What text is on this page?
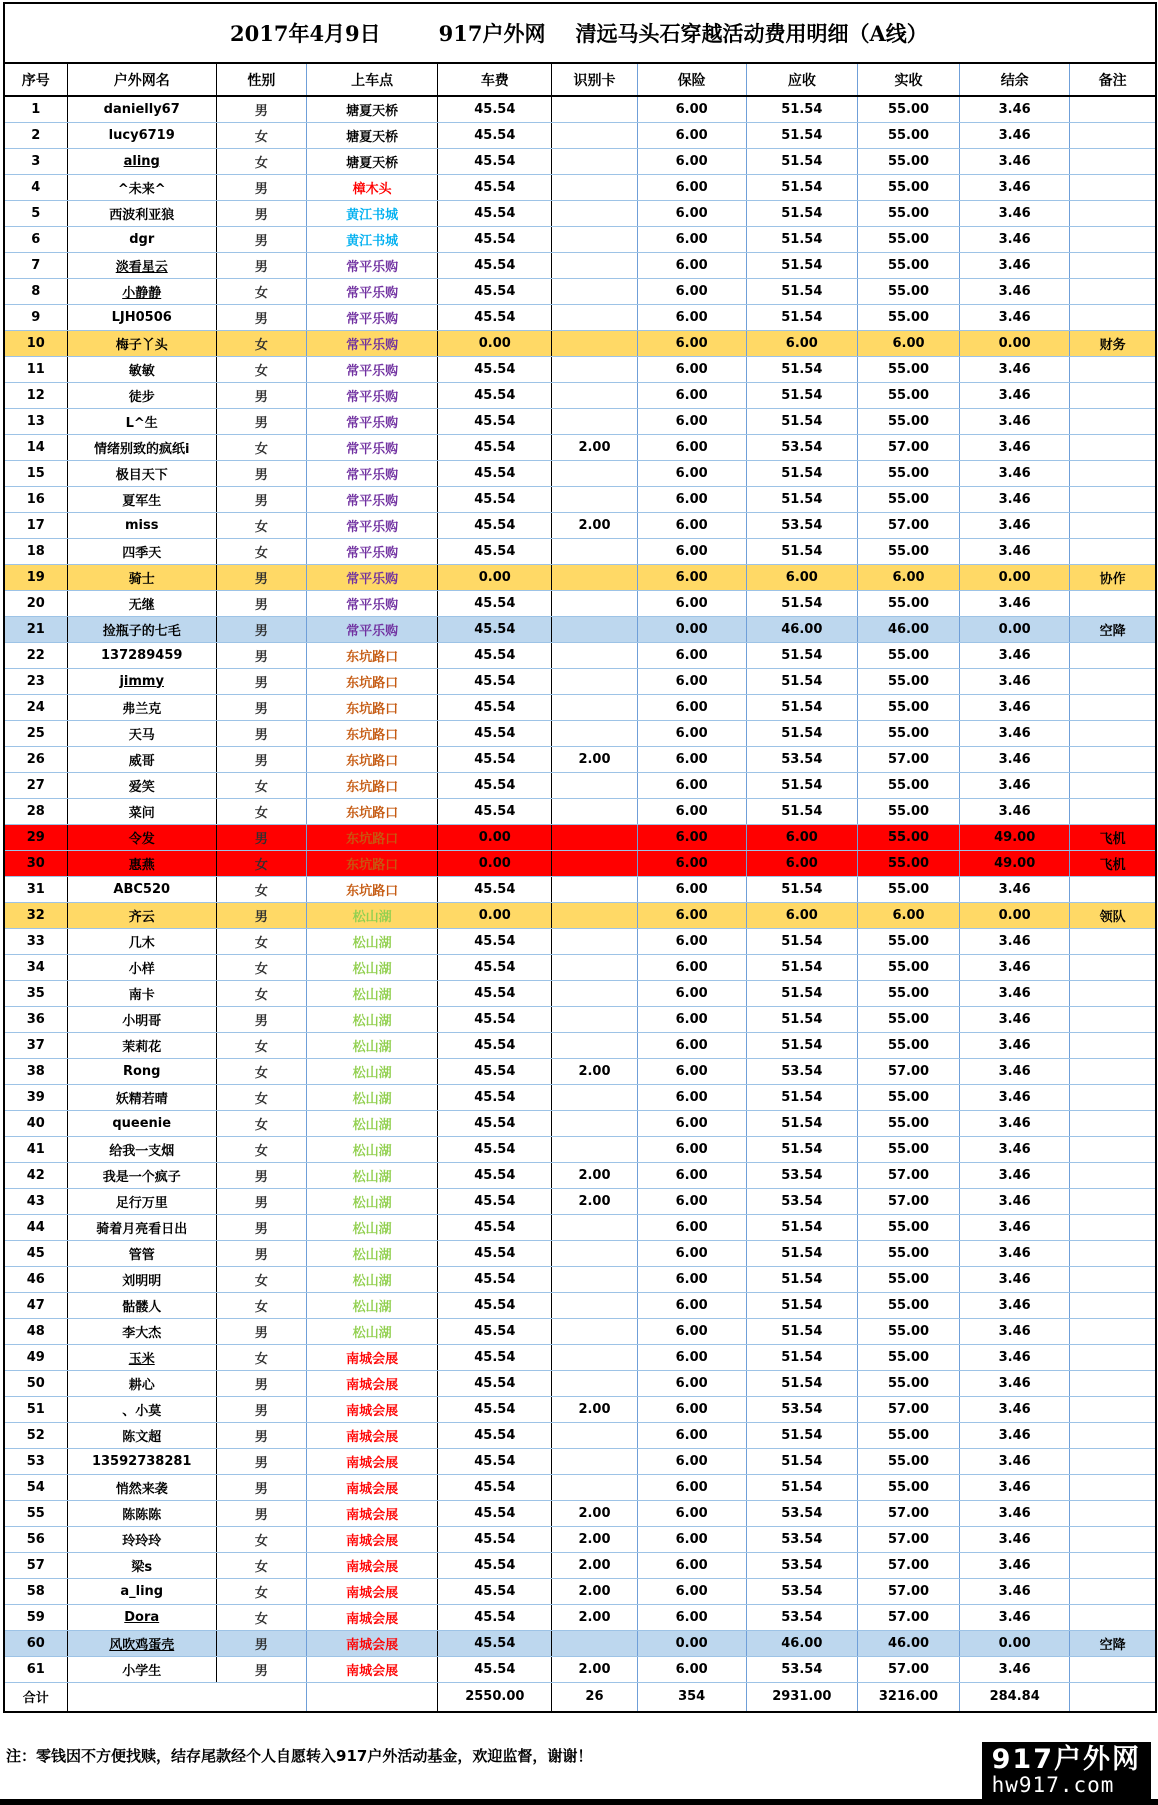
2017年4月9日	917户外网 清远马头石穿越活动费用明细（A线）
序号	户外网名	性别	上车点	车费	识别卡	保险	应收	实收	结余	备注
1	danielly67	男	塘夏天桥	45.54		6.00	51.54	55.00	3.46	
2	lucy6719	女	塘夏天桥	45.54		6.00	51.54	55.00	3.46	
3	aling	女	塘夏天桥	45.54		6.00	51.54	55.00	3.46	
4	^未来^	男	樟木头	45.54		6.00	51.54	55.00	3.46	
5	西波利亚狼	男	黄江书城	45.54		6.00	51.54	55.00	3.46	
6	dgr	男	黄江书城	45.54		6.00	51.54	55.00	3.46	
7	淡看星云	男	常平乐购	45.54		6.00	51.54	55.00	3.46	
8	小静静	女	常平乐购	45.54		6.00	51.54	55.00	3.46	
9	LJH0506	男	常平乐购	45.54		6.00	51.54	55.00	3.46	
10	梅子丫头	女	常平乐购	0.00		6.00	6.00	6.00	0.00	财务
11	敏敏	女	常平乐购	45.54		6.00	51.54	55.00	3.46	
12	徒步	男	常平乐购	45.54		6.00	51.54	55.00	3.46	
13	L^生	男	常平乐购	45.54		6.00	51.54	55.00	3.46	
14	情绪别致的疯纸i	女	常平乐购	45.54	2.00	6.00	53.54	57.00	3.46	
15	极目天下	男	常平乐购	45.54		6.00	51.54	55.00	3.46	
16	夏军生	男	常平乐购	45.54		6.00	51.54	55.00	3.46	
17	miss	女	常平乐购	45.54	2.00	6.00	53.54	57.00	3.46	
18	四季天	女	常平乐购	45.54		6.00	51.54	55.00	3.46	
19	骑士	男	常平乐购	0.00		6.00	6.00	6.00	0.00	协作
20	无继	男	常平乐购	45.54		6.00	51.54	55.00	3.46	
21	捡瓶子的七毛	男	常平乐购	45.54		0.00	46.00	46.00	0.00	空降
22	137289459	男	东坑路口	45.54		6.00	51.54	55.00	3.46	
23	jimmy	男	东坑路口	45.54		6.00	51.54	55.00	3.46	
24	弗兰克	男	东坑路口	45.54		6.00	51.54	55.00	3.46	
25	天马	男	东坑路口	45.54		6.00	51.54	55.00	3.46	
26	威哥	男	东坑路口	45.54	2.00	6.00	53.54	57.00	3.46	
27	爱笑	女	东坑路口	45.54		6.00	51.54	55.00	3.46	
28	菜问	女	东坑路口	45.54		6.00	51.54	55.00	3.46	
29	令发	男	东坑路口	0.00		6.00	6.00	55.00	49.00	飞机
30	惠燕	女	东坑路口	0.00		6.00	6.00	55.00	49.00	飞机
31	ABC520	女	东坑路口	45.54		6.00	51.54	55.00	3.46	
32	齐云	男	松山湖	0.00		6.00	6.00	6.00	0.00	领队
33	几木	女	松山湖	45.54		6.00	51.54	55.00	3.46	
34	小样	女	松山湖	45.54		6.00	51.54	55.00	3.46	
35	南卡	女	松山湖	45.54		6.00	51.54	55.00	3.46	
36	小明哥	男	松山湖	45.54		6.00	51.54	55.00	3.46	
37	茉莉花	女	松山湖	45.54		6.00	51.54	55.00	3.46	
38	Rong	女	松山湖	45.54	2.00	6.00	53.54	57.00	3.46	
39	妖精若晴	女	松山湖	45.54		6.00	51.54	55.00	3.46	
40	queenie	女	松山湖	45.54		6.00	51.54	55.00	3.46	
41	给我一支烟	女	松山湖	45.54		6.00	51.54	55.00	3.46	
42	我是一个疯子	男	松山湖	45.54	2.00	6.00	53.54	57.00	3.46	
43	足行万里	男	松山湖	45.54	2.00	6.00	53.54	57.00	3.46	
44	骑着月亮看日出	男	松山湖	45.54		6.00	51.54	55.00	3.46	
45	管管	男	松山湖	45.54		6.00	51.54	55.00	3.46	
46	刘明明	女	松山湖	45.54		6.00	51.54	55.00	3.46	
47	骷髅人	女	松山湖	45.54		6.00	51.54	55.00	3.46	
48	李大杰	男	松山湖	45.54		6.00	51.54	55.00	3.46	
49	玉米	女	南城会展	45.54		6.00	51.54	55.00	3.46	
50	耕心	男	南城会展	45.54		6.00	51.54	55.00	3.46	
51	、小莫	男	南城会展	45.54	2.00	6.00	53.54	57.00	3.46	
52	陈文超	男	南城会展	45.54		6.00	51.54	55.00	3.46	
53	13592738281	男	南城会展	45.54		6.00	51.54	55.00	3.46	
54	悄然来袭	男	南城会展	45.54		6.00	51.54	55.00	3.46	
55	陈陈陈	男	南城会展	45.54	2.00	6.00	53.54	57.00	3.46	
56	玲玲玲	女	南城会展	45.54	2.00	6.00	53.54	57.00	3.46	
57	梁s	女	南城会展	45.54	2.00	6.00	53.54	57.00	3.46	
58	a_ling	女	南城会展	45.54	2.00	6.00	53.54	57.00	3.46	
59	Dora	女	南城会展	45.54	2.00	6.00	53.54	57.00	3.46	
60	风吹鸡蛋壳	男	南城会展	45.54		0.00	46.00	46.00	0.00	空降
61	小学生	男	南城会展	45.54	2.00	6.00	53.54	57.00	3.46	
合计				2550.00	26	354	2931.00	3216.00	284.84	
注：零钱因不方便找赎，结存尾款经个人自愿转入917户外活动基金，欢迎监督，谢谢！	917户外网
hw917.com
